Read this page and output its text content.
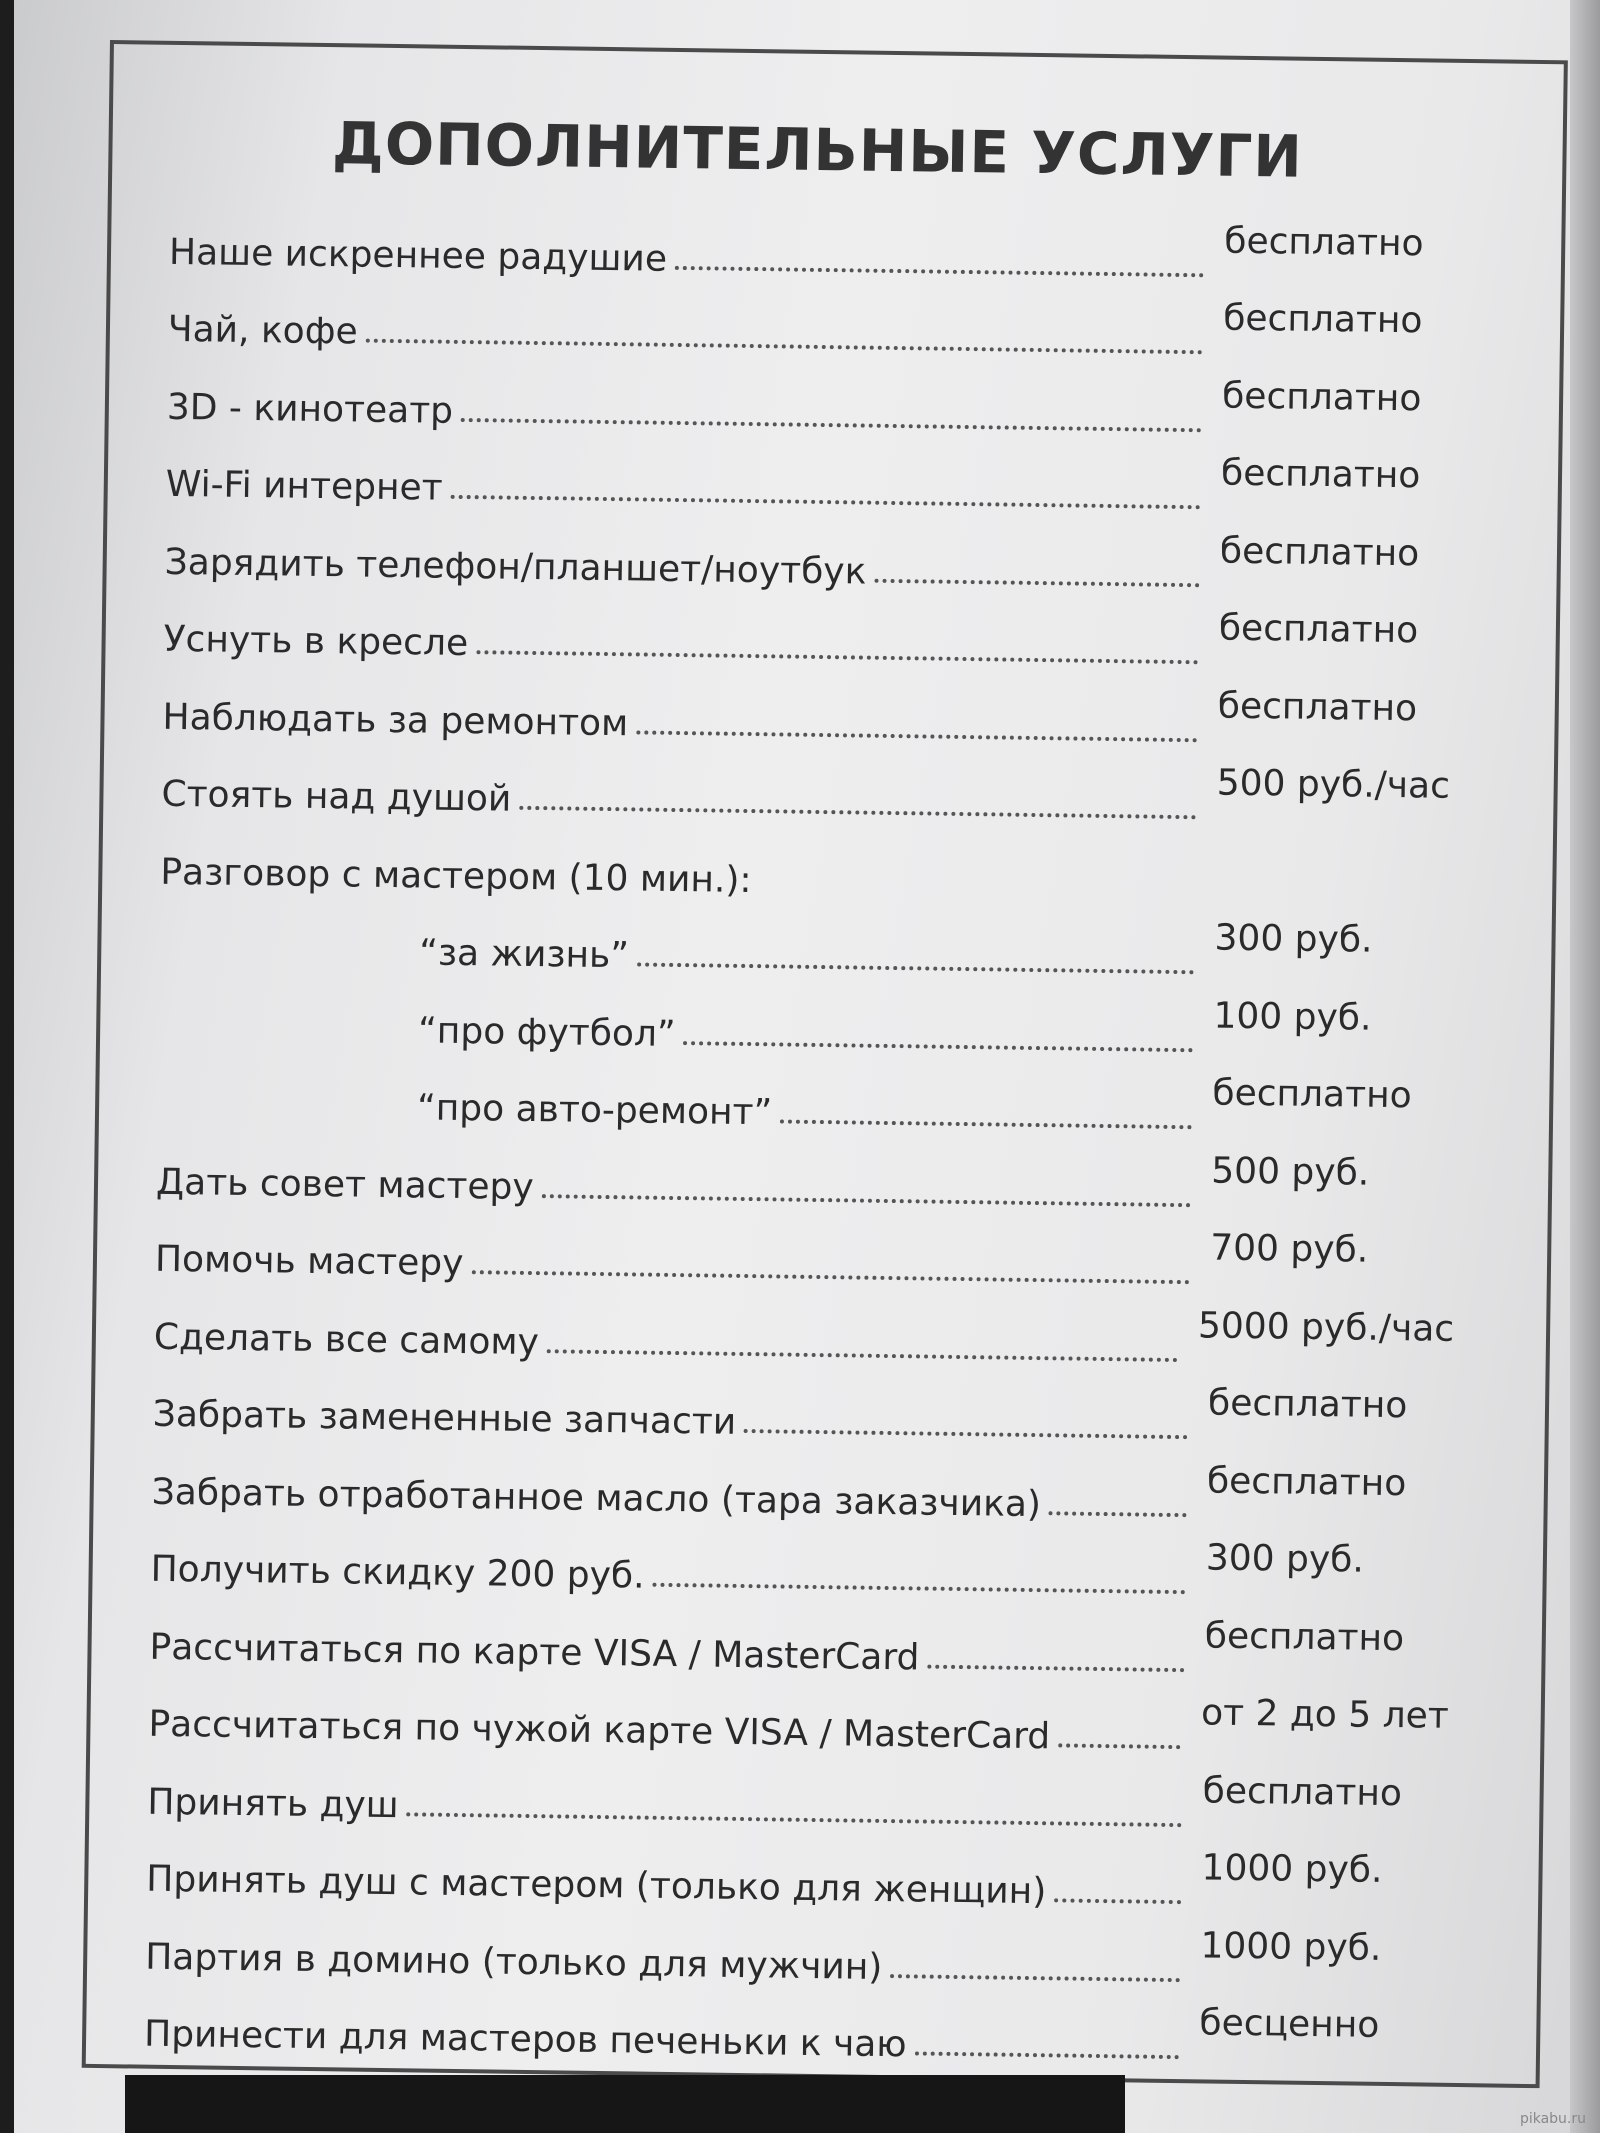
ДОПОЛНИТЕЛЬНЫЕ УСЛУГИ
Наше искреннее радушие	бесплатно
Чай, кофе	бесплатно
3D - кинотеатр	бесплатно
Wi-Fi интернет	бесплатно
Зарядить телефон/планшет/ноутбук	бесплатно
Уснуть в кресле	бесплатно
Наблюдать за ремонтом	бесплатно
Стоять над душой	500 руб./час
Разговор с мастером (10 мин.):
“за жизнь”	300 руб.
“про футбол”	100 руб.
“про авто-ремонт”	бесплатно
Дать совет мастеру	500 руб.
Помочь мастеру	700 руб.
Сделать все самому	5000 руб./час
Забрать замененные запчасти	бесплатно
Забрать отработанное масло (тара заказчика)	бесплатно
Получить скидку 200 руб.	300 руб.
Рассчитаться по карте VISA / MasterCard	бесплатно
Рассчитаться по чужой карте VISA / MasterCard	от 2 до 5 лет
Принять душ	бесплатно
Принять душ с мастером (только для женщин)	1000 руб.
Партия в домино (только для мужчин)	1000 руб.
Принести для мастеров печеньки к чаю	бесценно
pikabu.ru
